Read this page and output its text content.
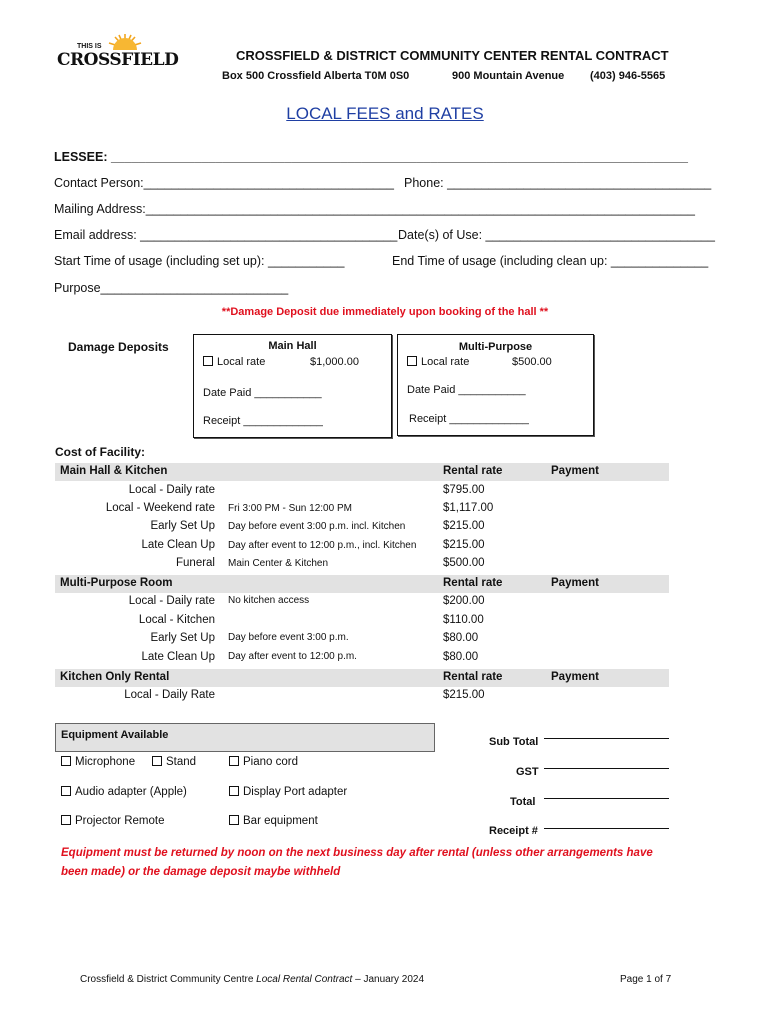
THIS IS
CROSSFIELD	CROSSFIELD & DISTRICT COMMUNITY CENTER RENTAL CONTRACT
Box 500 Crossfield Alberta T0M 0S0	900 Mountain Avenue (403) 946-5565
LOCAL FEES and RATES
LESSEE: ___________________________________________________________________________________
Contact Person:____________________________________ Phone: ______________________________________
Mailing Address:_______________________________________________________________________________
Email address: _____________________________________ Date(s) of Use: _________________________________
Start Time of usage (including set up): ___________	End Time of usage (including clean up: ______________
Purpose___________________________
**Damage Deposit due immediately upon booking of the hall **
Damage Deposits	Main Hall
Local rate	$1,000.00
Date Paid ___________
Receipt _____________
Multi-Purpose
Local rate	$500.00
Date Paid ___________
Receipt _____________
Cost of Facility:
Main Hall & Kitchen	Rental rate	Payment
Local - Daily rate	$795.00
Local - Weekend rate Fri 3:00 PM - Sun 12:00 PM	$1,117.00
Early Set Up Day before event 3:00 p.m. incl. Kitchen	$215.00
Late Clean Up Day after event to 12:00 p.m., incl. Kitchen $215.00
Funeral Main Center & Kitchen	$500.00
Multi-Purpose Room	Rental rate	Payment
Local - Daily rate No kitchen access	$200.00
Local - Kitchen	$110.00
Early Set Up Day before event 3:00 p.m.	$80.00
Late Clean Up Day after event to 12:00 p.m.	$80.00
Kitchen Only Rental	Rental rate	Payment
Local - Daily Rate	$215.00
Equipment Available
Microphone	Stand	Piano cord
Audio adapter (Apple)	Display Port adapter
Projector Remote	Bar equipment
Sub Total
GST
Total
Receipt #
Equipment must be returned by noon on the next business day after rental (unless other arrangements have been made) or the damage deposit maybe withheld
Crossfield & District Community Centre Local Rental Contract – January 2024	Page 1 of 7
